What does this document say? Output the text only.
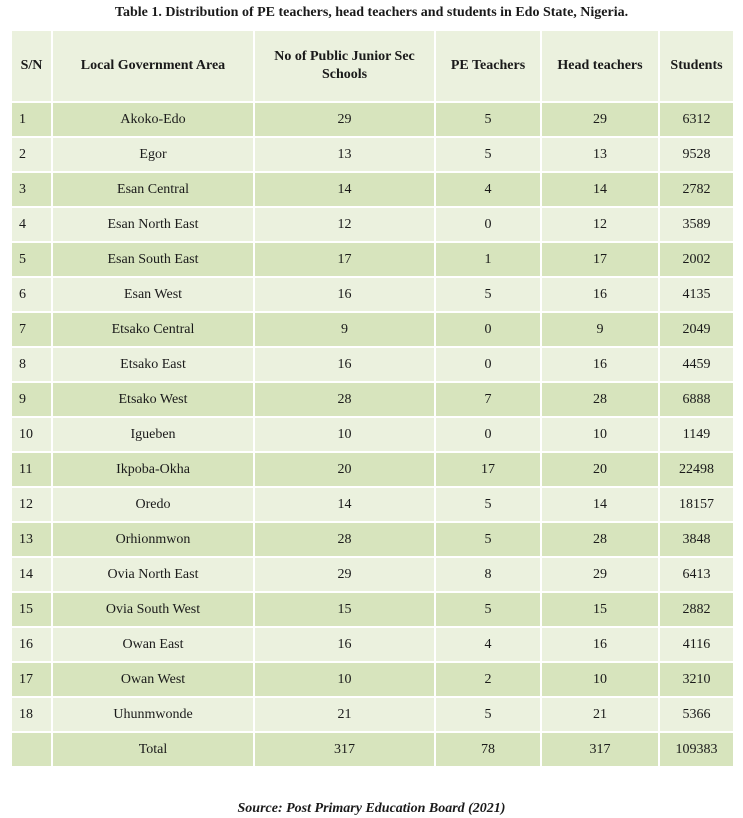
Table 1. Distribution of PE teachers, head teachers and students in Edo State, Nigeria.
S/N	Local Government Area	No of Public Junior Sec Schools	PE Teachers	Head teachers	Students
1	Akoko-Edo	29	5	29	6312
2	Egor	13	5	13	9528
3	Esan Central	14	4	14	2782
4	Esan North East	12	0	12	3589
5	Esan South East	17	1	17	2002
6	Esan West	16	5	16	4135
7	Etsako Central	9	0	9	2049
8	Etsako East	16	0	16	4459
9	Etsako West	28	7	28	6888
10	Igueben	10	0	10	1149
11	Ikpoba-Okha	20	17	20	22498
12	Oredo	14	5	14	18157
13	Orhionmwon	28	5	28	3848
14	Ovia North East	29	8	29	6413
15	Ovia South West	15	5	15	2882
16	Owan East	16	4	16	4116
17	Owan West	10	2	10	3210
18	Uhunmwonde	21	5	21	5366
	Total	317	78	317	109383
Source: Post Primary Education Board (2021)
